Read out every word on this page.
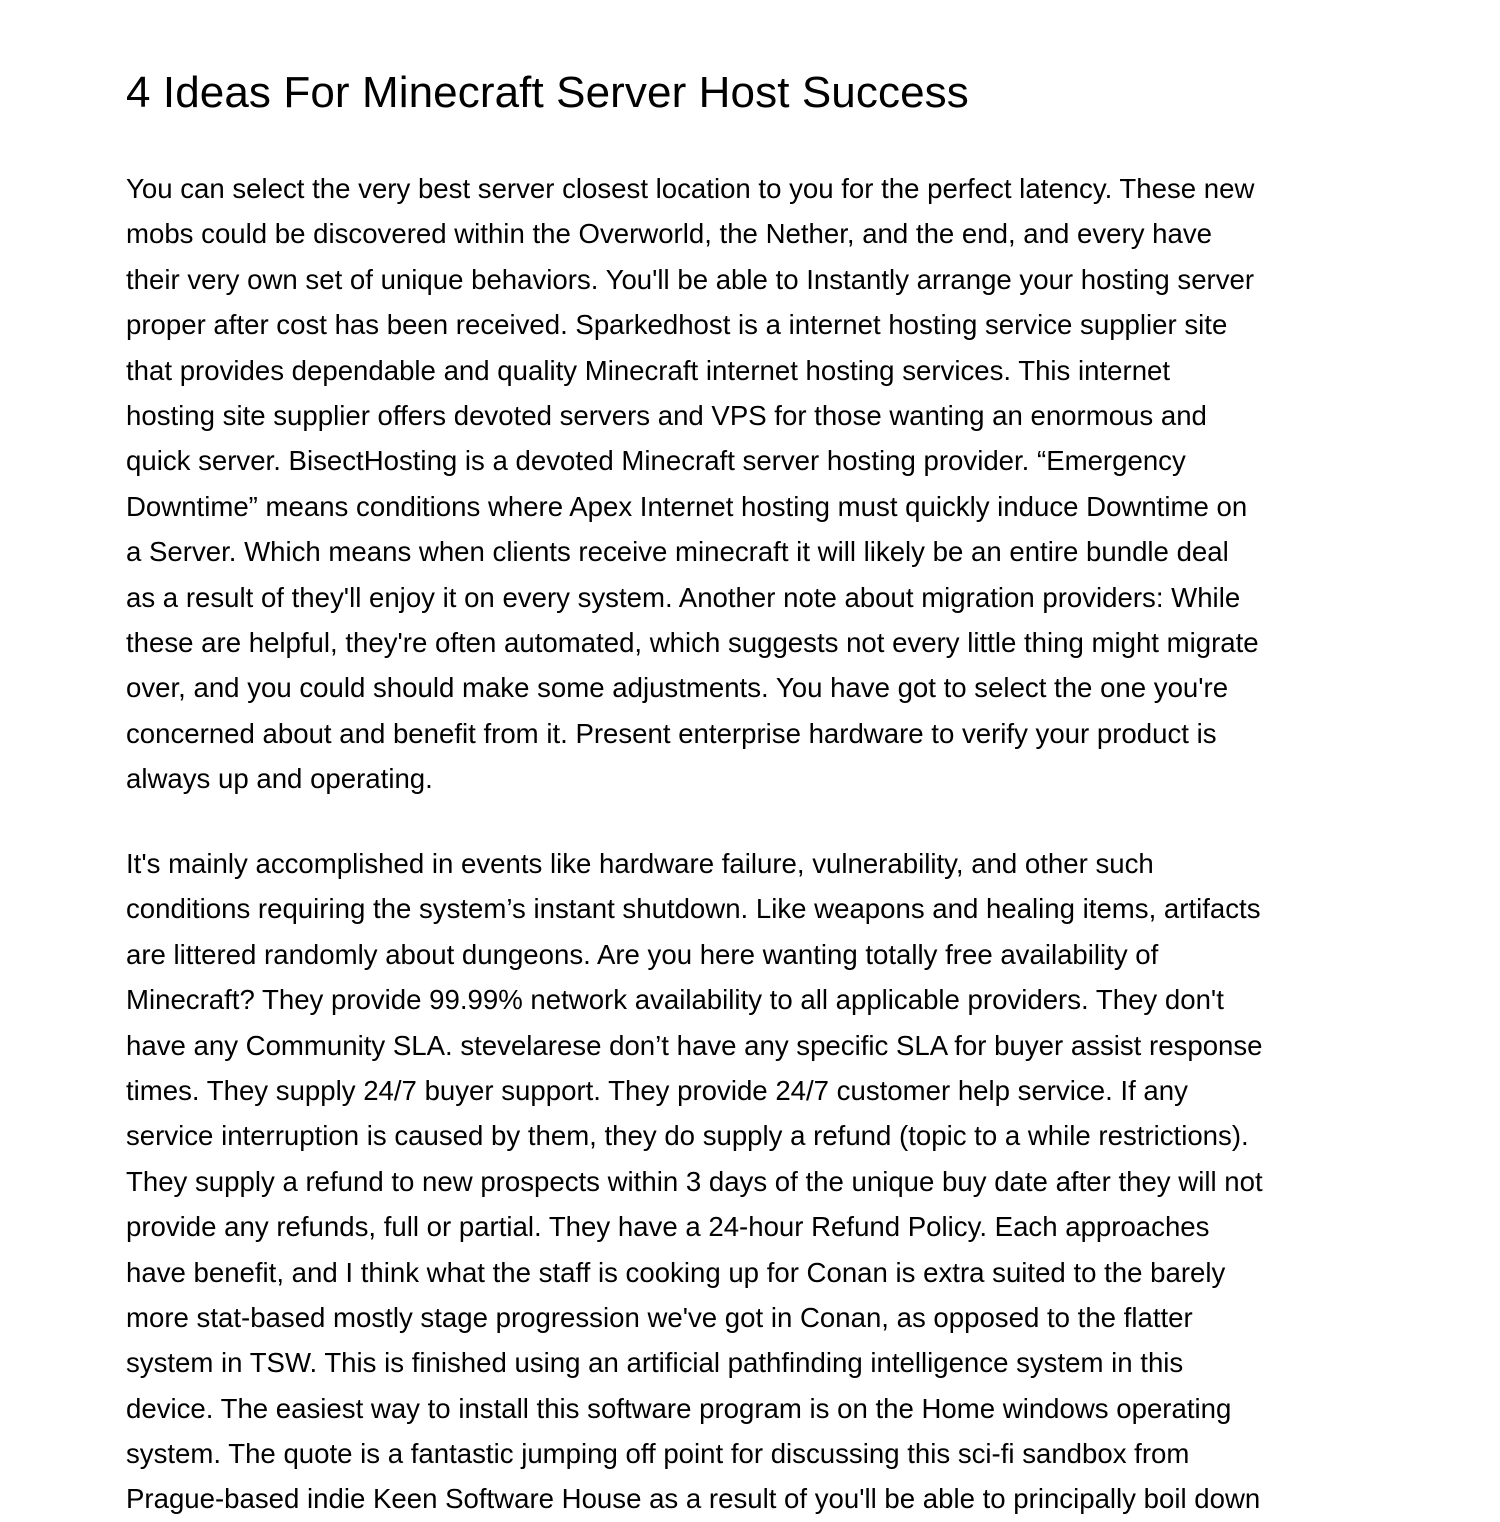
4 Ideas For Minecraft Server Host Success
You can select the very best server closest location to you for the perfect latency. These new
mobs could be discovered within the Overworld, the Nether, and the end, and every have
their very own set of unique behaviors. You'll be able to Instantly arrange your hosting server
proper after cost has been received. Sparkedhost is a internet hosting service supplier site
that provides dependable and quality Minecraft internet hosting services. This internet
hosting site supplier offers devoted servers and VPS for those wanting an enormous and
quick server. BisectHosting is a devoted Minecraft server hosting provider. “Emergency
Downtime” means conditions where Apex Internet hosting must quickly induce Downtime on
a Server. Which means when clients receive minecraft it will likely be an entire bundle deal
as a result of they'll enjoy it on every system. Another note about migration providers: While
these are helpful, they're often automated, which suggests not every little thing might migrate
over, and you could should make some adjustments. You have got to select the one you're
concerned about and benefit from it. Present enterprise hardware to verify your product is
always up and operating.
It's mainly accomplished in events like hardware failure, vulnerability, and other such
conditions requiring the system’s instant shutdown. Like weapons and healing items, artifacts
are littered randomly about dungeons. Are you here wanting totally free availability of
Minecraft? They provide 99.99% network availability to all applicable providers. They don't
have any Community SLA. stevelarese don’t have any specific SLA for buyer assist response
times. They supply 24/7 buyer support. They provide 24/7 customer help service. If any
service interruption is caused by them, they do supply a refund (topic to a while restrictions).
They supply a refund to new prospects within 3 days of the unique buy date after they will not
provide any refunds, full or partial. They have a 24-hour Refund Policy. Each approaches
have benefit, and I think what the staff is cooking up for Conan is extra suited to the barely
more stat-based mostly stage progression we've got in Conan, as opposed to the flatter
system in TSW. This is finished using an artificial pathfinding intelligence system in this
device. The easiest way to install this software program is on the Home windows operating
system. The quote is a fantastic jumping off point for discussing this sci-fi sandbox from
Prague-based indie Keen Software House as a result of you'll be able to principally boil down
